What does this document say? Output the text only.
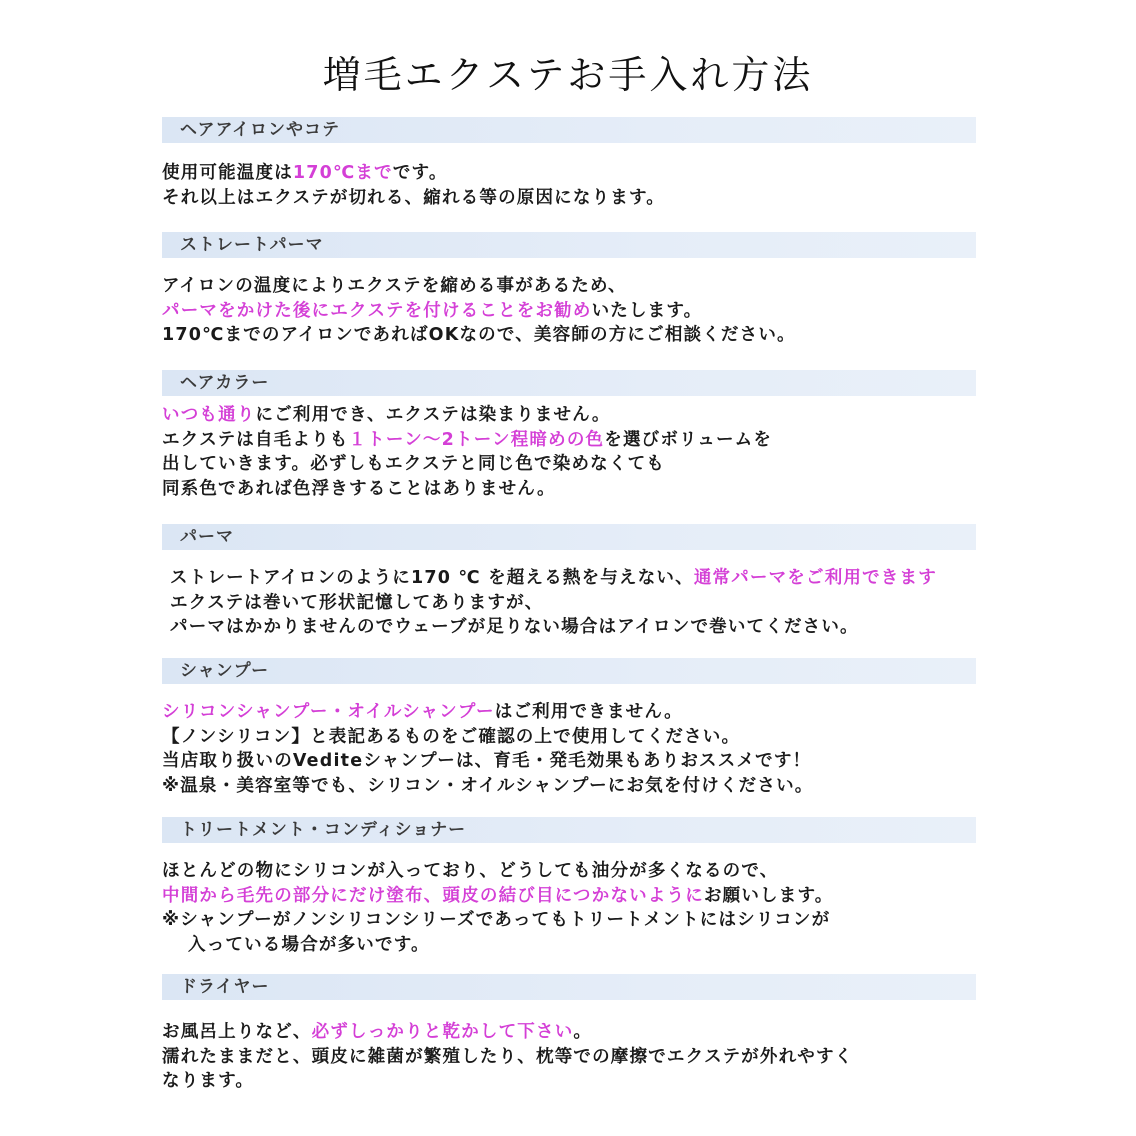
増毛エクステお手入れ方法
ヘアアイロンやコテ
使用可能温度は170℃までです。
それ以上はエクステが切れる、縮れる等の原因になります。
ストレートパーマ
アイロンの温度によりエクステを縮める事があるため、
パーマをかけた後にエクステを付けることをお勧めいたします。
170℃までのアイロンであればOKなので、美容師の方にご相談ください。
ヘアカラー
いつも通りにご利用でき、エクステは染まりません。
エクステは自毛よりも１トーン〜2トーン程暗めの色を選びボリュームを
出していきます。必ずしもエクステと同じ色で染めなくても
同系色であれば色浮きすることはありません。
パーマ
ストレートアイロンのように170 ℃ を超える熱を与えない、通常パーマをご利用できます
エクステは巻いて形状記憶してありますが、
パーマはかかりませんのでウェーブが足りない場合はアイロンで巻いてください。
シャンプー
シリコンシャンプー・オイルシャンプーはご利用できません。
【ノンシリコン】と表記あるものをご確認の上で使用してください。
当店取り扱いのVediteシャンプーは、育毛・発毛効果もありおススメです！
※温泉・美容室等でも、シリコン・オイルシャンプーにお気を付けください。
トリートメント・コンディショナー
ほとんどの物にシリコンが入っており、どうしても油分が多くなるので、
中間から毛先の部分にだけ塗布、頭皮の結び目につかないようにお願いします。
※シャンプーがノンシリコンシリーズであってもトリートメントにはシリコンが
入っている場合が多いです。
ドライヤー
お風呂上りなど、必ずしっかりと乾かして下さい。
濡れたままだと、頭皮に雑菌が繁殖したり、枕等での摩擦でエクステが外れやすく
なります。
